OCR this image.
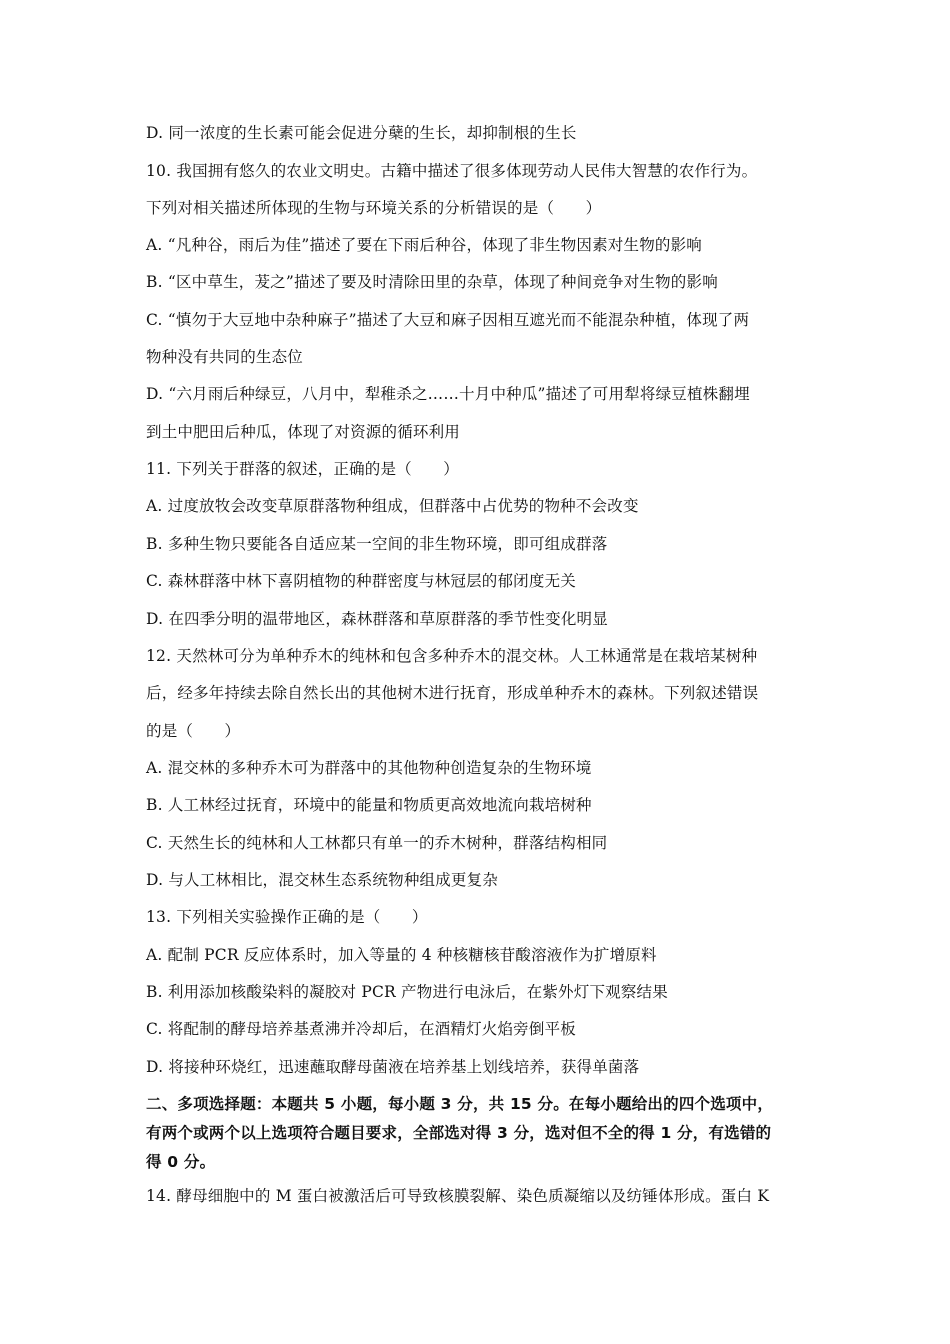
D. 同一浓度的生长素可能会促进分蘖的生长，却抑制根的生长
10. 我国拥有悠久的农业文明史。古籍中描述了很多体现劳动人民伟大智慧的农作行为。
下列对相关描述所体现的生物与环境关系的分析错误的是（　　）
A. “凡种谷，雨后为佳”描述了要在下雨后种谷，体现了非生物因素对生物的影响
B. “区中草生，茇之”描述了要及时清除田里的杂草，体现了种间竞争对生物的影响
C. “慎勿于大豆地中杂种麻子”描述了大豆和麻子因相互遮光而不能混杂种植，体现了两
物种没有共同的生态位
D. “六月雨后种绿豆，八月中，犁稚杀之……十月中种瓜”描述了可用犁将绿豆植株翻埋
到土中肥田后种瓜，体现了对资源的循环利用
11. 下列关于群落的叙述，正确的是（　　）
A. 过度放牧会改变草原群落物种组成，但群落中占优势的物种不会改变
B. 多种生物只要能各自适应某一空间的非生物环境，即可组成群落
C. 森林群落中林下喜阴植物的种群密度与林冠层的郁闭度无关
D. 在四季分明的温带地区，森林群落和草原群落的季节性变化明显
12. 天然林可分为单种乔木的纯林和包含多种乔木的混交林。人工林通常是在栽培某树种
后，经多年持续去除自然长出的其他树木进行抚育，形成单种乔木的森林。下列叙述错误
的是（　　）
A. 混交林的多种乔木可为群落中的其他物种创造复杂的生物环境
B. 人工林经过抚育，环境中的能量和物质更高效地流向栽培树种
C. 天然生长的纯林和人工林都只有单一的乔木树种，群落结构相同
D. 与人工林相比，混交林生态系统物种组成更复杂
13. 下列相关实验操作正确的是（　　）
A. 配制 PCR 反应体系时，加入等量的 4 种核糖核苷酸溶液作为扩增原料
B. 利用添加核酸染料的凝胶对 PCR 产物进行电泳后，在紫外灯下观察结果
C. 将配制的酵母培养基煮沸并冷却后，在酒精灯火焰旁倒平板
D. 将接种环烧红，迅速蘸取酵母菌液在培养基上划线培养，获得单菌落
二、多项选择题：本题共 5 小题，每小题 3 分，共 15 分。在每小题给出的四个选项中，
有两个或两个以上选项符合题目要求，全部选对得 3 分，选对但不全的得 1 分，有选错的
得 0 分。
14. 酵母细胞中的 M 蛋白被激活后可导致核膜裂解、染色质凝缩以及纺锤体形成。蛋白 K
